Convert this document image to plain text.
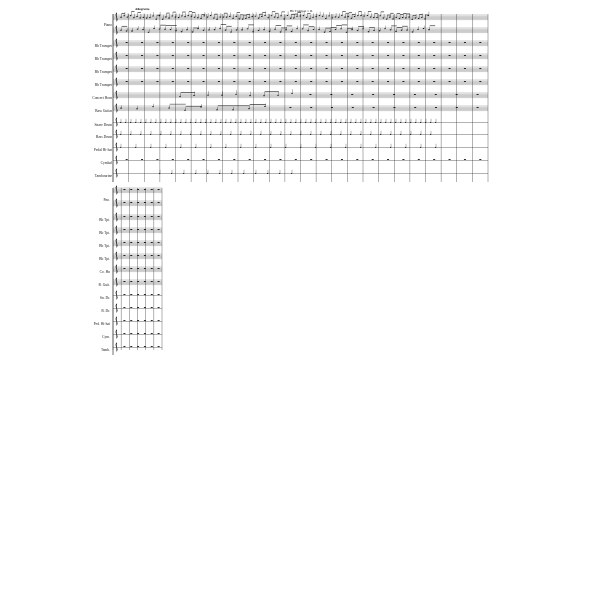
Piano
Bb Trumpet
Bb Trumpet
Bb Trumpet
Bb Trumpet
Concert Horn
Bass Guitar
Snare Drum
Bass Drum
Pedal Hi-hat
Cymbal
Tambourine
Pno.
Bb Tpt.
Bb Tpt.
Bb Tpt.
Bb Tpt.
Co. Hn
B. Guit.
Sn. Dr.
B. Dr.
Ped. Hi-hat
Cym.
Tamb.
Allegretto	Bb Trumpet 1 II.
